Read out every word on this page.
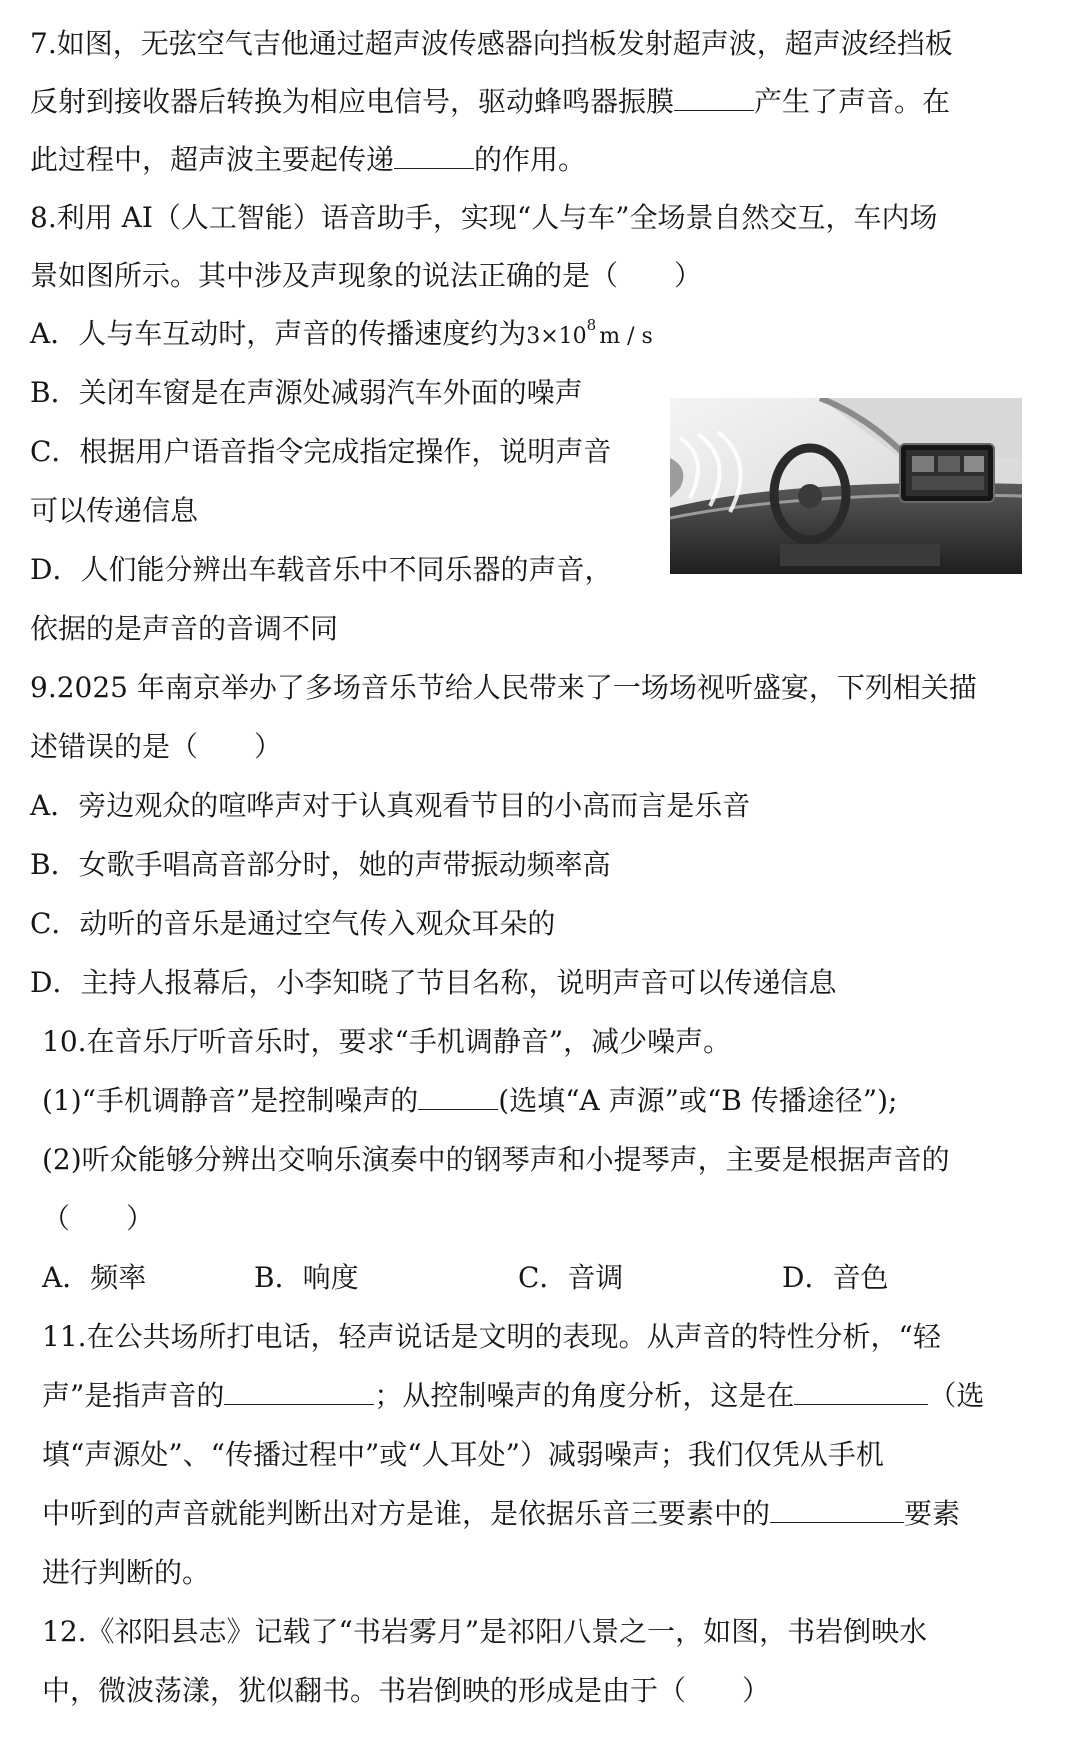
7.如图，无弦空气吉他通过超声波传感器向挡板发射超声波，超声波经挡板
反射到接收器后转换为相应电信号，驱动蜂鸣器振膜	产生了声音。在
此过程中，超声波主要起传递	的作用。
8.利用 AI（人工智能）语音助手，实现“人与车”全场景自然交互，车内场
景如图所示。其中涉及声现象的说法正确的是（　　）
A．人与车互动时，声音的传播速度约为$3\times 10^8$ m / s
B．关闭车窗是在声源处减弱汽车外面的噪声
C．根据用户语音指令完成指定操作，说明声音
可以传递信息
D．人们能分辨出车载音乐中不同乐器的声音，
依据的是声音的音调不同
9.2025 年南京举办了多场音乐节给人民带来了一场场视听盛宴，下列相关描
述错误的是（　　）
A．旁边观众的喧哗声对于认真观看节目的小高而言是乐音
B．女歌手唱高音部分时，她的声带振动频率高
C．动听的音乐是通过空气传入观众耳朵的
D．主持人报幕后，小李知晓了节目名称，说明声音可以传递信息
10.在音乐厅听音乐时，要求“手机调静音”，减少噪声。
(1)“手机调静音”是控制噪声的	(选填“A 声源”或“B 传播途径”);
(2)听众能够分辨出交响乐演奏中的钢琴声和小提琴声，主要是根据声音的
（　　）
A．频率	B．响度	C．音调	D．音色
11.在公共场所打电话，轻声说话是文明的表现。从声音的特性分析，“轻
声”是指声音的	；从控制噪声的角度分析，这是在	（选
填“声源处”、“传播过程中”或“人耳处”）减弱噪声；我们仅凭从手机
中听到的声音就能判断出对方是谁，是依据乐音三要素中的	要素
进行判断的。
12.《祁阳县志》记载了“书岩雾月”是祁阳八景之一，如图，书岩倒映水
中，微波荡漾，犹似翻书。书岩倒映的形成是由于（　　）
